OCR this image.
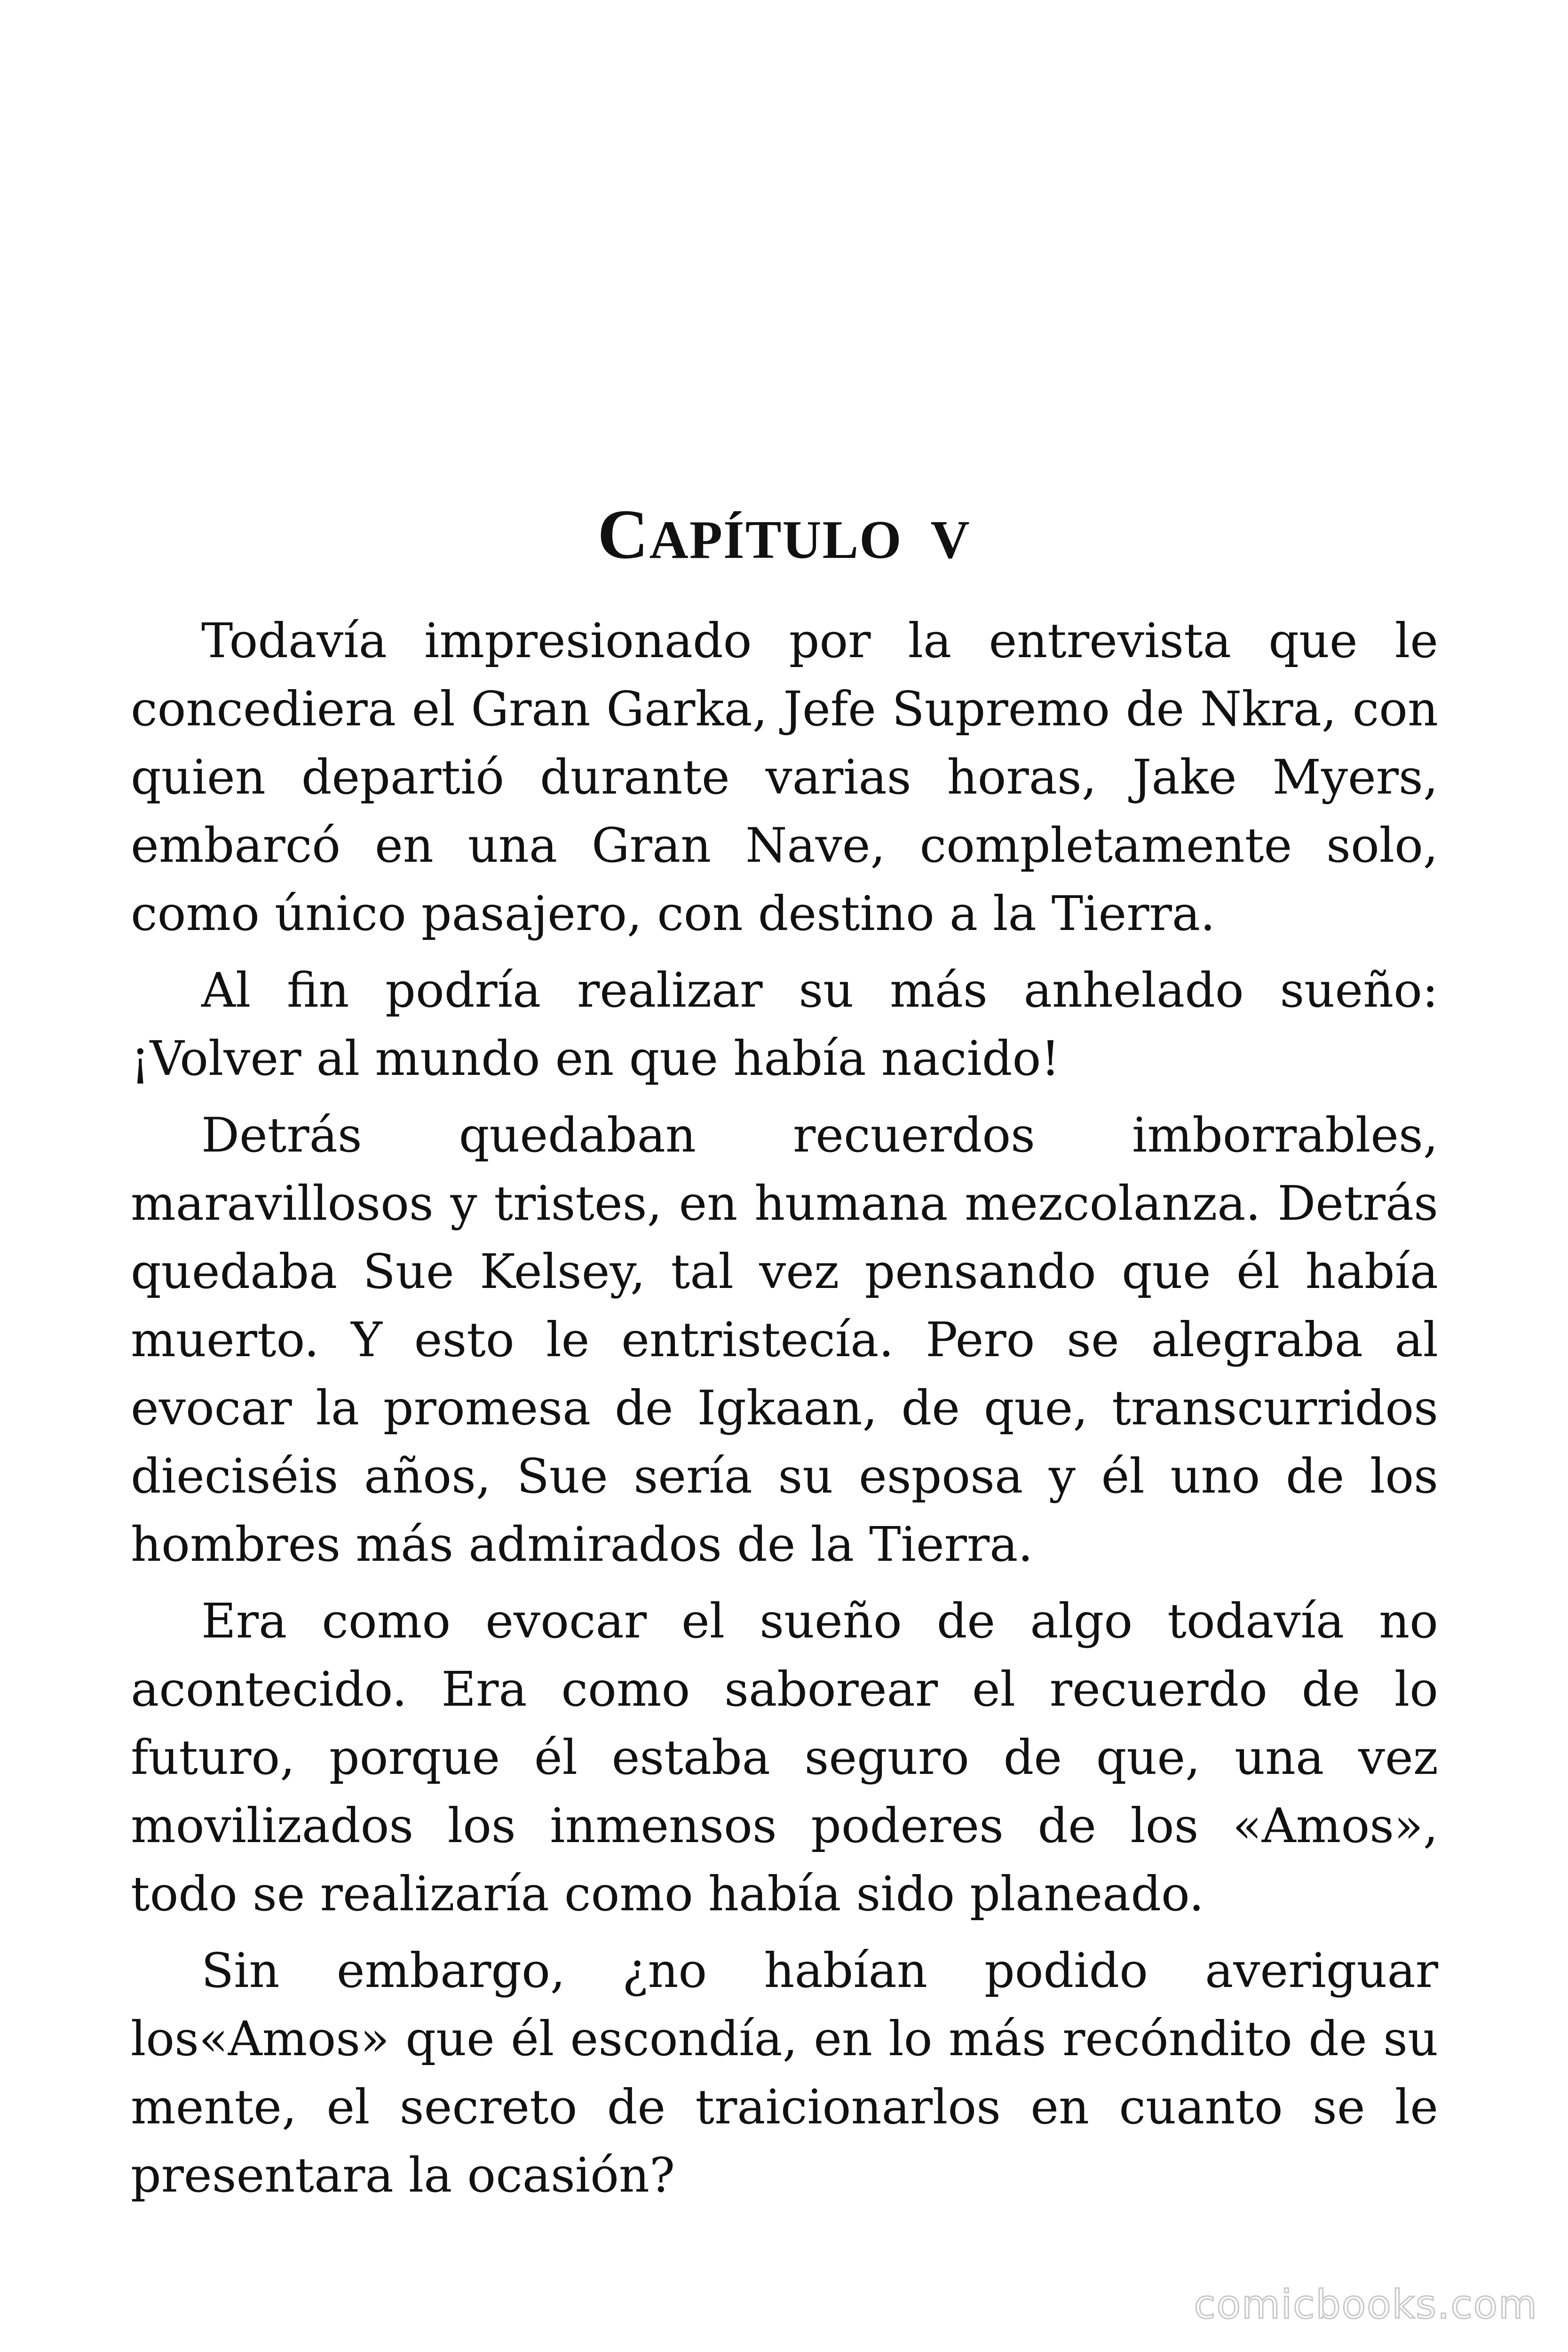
CAPÍTULO V

Todavía impresionado por la entrevista que le concediera el Gran Garka, Jefe Supremo de Nkra, con quien departió durante varias horas, Jake Myers, embarcó en una Gran Nave, completamente solo, como único pasajero, con destino a la Tierra.

Al fin podría realizar su más anhelado sueño: ¡Volver al mundo en que había nacido!

Detrás quedaban recuerdos imborrables, maravillosos y tristes, en humana mezcolanza. Detrás quedaba Sue Kelsey, tal vez pensando que él había muerto. Y esto le entristecía. Pero se alegraba al evocar la promesa de Igkaan, de que, transcurridos dieciséis años, Sue sería su esposa y él uno de los hombres más admirados de la Tierra.

Era como evocar el sueño de algo todavía no acontecido. Era como saborear el recuerdo de lo futuro, porque él estaba seguro de que, una vez movilizados los inmensos poderes de los «Amos», todo se realizaría como había sido planeado.

Sin embargo, ¿no habían podido averiguar los«Amos» que él escondía, en lo más recóndito de su mente, el secreto de traicionarlos en cuanto se le presentara la ocasión?

comicbooks.com
